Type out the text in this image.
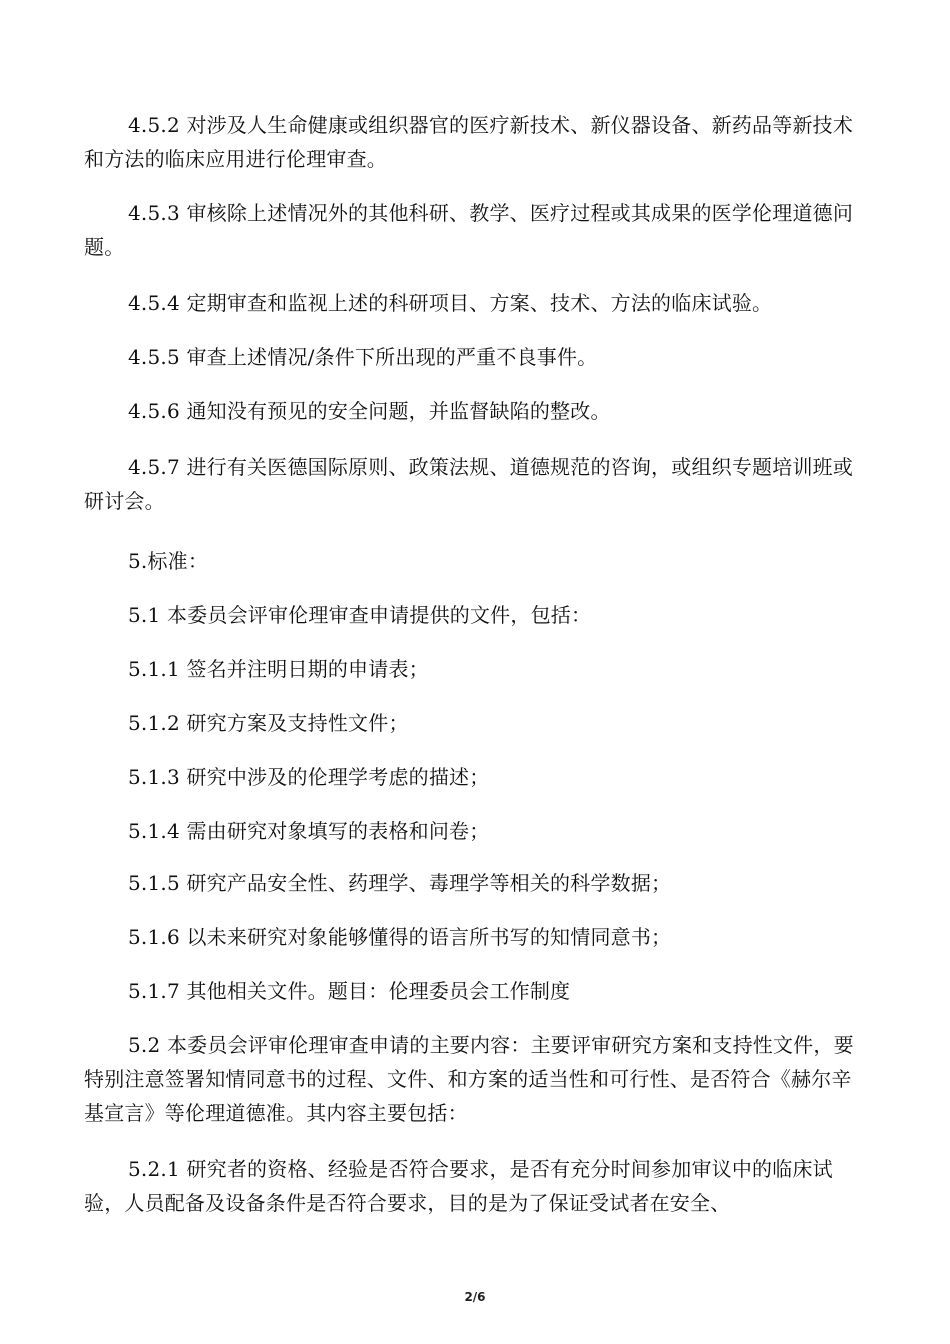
4.5.2 对涉及人生命健康或组织器官的医疗新技术、新仪器设备、新药品等新技术和方法的临床应用进行伦理审查。

4.5.3 审核除上述情况外的其他科研、教学、医疗过程或其成果的医学伦理道德问题。

4.5.4 定期审查和监视上述的科研项目、方案、技术、方法的临床试验。

4.5.5 审查上述情况/条件下所出现的严重不良事件。

4.5.6 通知没有预见的安全问题，并监督缺陷的整改。

4.5.7 进行有关医德国际原则、政策法规、道德规范的咨询，或组织专题培训班或研讨会。

5.标准：

5.1 本委员会评审伦理审查申请提供的文件，包括：

5.1.1 签名并注明日期的申请表；

5.1.2 研究方案及支持性文件；

5.1.3 研究中涉及的伦理学考虑的描述；

5.1.4 需由研究对象填写的表格和问卷；

5.1.5 研究产品安全性、药理学、毒理学等相关的科学数据；

5.1.6 以未来研究对象能够懂得的语言所书写的知情同意书；

5.1.7 其他相关文件。题目：伦理委员会工作制度

5.2 本委员会评审伦理审查申请的主要内容：主要评审研究方案和支持性文件，要特别注意签署知情同意书的过程、文件、和方案的适当性和可行性、是否符合《赫尔辛基宣言》等伦理道德准。其内容主要包括：

5.2.1 研究者的资格、经验是否符合要求，是否有充分时间参加审议中的临床试验，人员配备及设备条件是否符合要求，目的是为了保证受试者在安全、

2/6
